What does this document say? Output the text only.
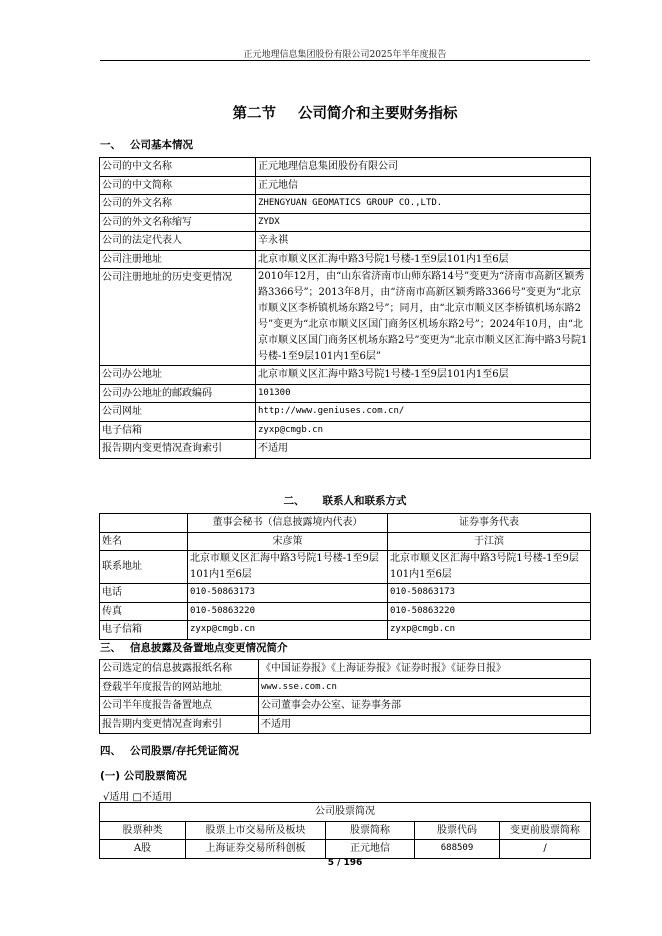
正元地理信息集团股份有限公司2025年半年度报告
第二节 公司简介和主要财务指标
一、 公司基本情况
公司的中文名称	正元地理信息集团股份有限公司
公司的中文简称	正元地信
公司的外文名称	ZHENGYUAN GEOMATICS GROUP CO.,LTD.
公司的外文名称缩写	ZYDX
公司的法定代表人	辛永祺
公司注册地址	北京市顺义区汇海中路3号院1号楼-1至9层101内1至6层
公司注册地址的历史变更情况	2010年12月，由“山东省济南市山师东路14号”变更为“济南市高新区颖秀路3366号”；2013年8月，由“济南市高新区颖秀路3366号”变更为“北京市顺义区李桥镇机场东路2号”；同月，由“北京市顺义区李桥镇机场东路2号”变更为“北京市顺义区国门商务区机场东路2号”；2024年10月，由“北京市顺义区国门商务区机场东路2号”变更为“北京市顺义区汇海中路3号院1号楼-1至9层101内1至6层”
公司办公地址	北京市顺义区汇海中路3号院1号楼-1至9层101内1至6层
公司办公地址的邮政编码	101300
公司网址	http://www.geniuses.com.cn/
电子信箱	zyxp@cmgb.cn
报告期内变更情况查询索引	不适用
二、 联系人和联系方式
	董事会秘书（信息披露境内代表）	证券事务代表
姓名	宋彦策	于江滨
联系地址	北京市顺义区汇海中路3号院1号楼-1至9层101内1至6层	北京市顺义区汇海中路3号院1号楼-1至9层101内1至6层
电话	010-50863173	010-50863173
传真	010-50863220	010-50863220
电子信箱	zyxp@cmgb.cn	zyxp@cmgb.cn
三、 信息披露及备置地点变更情况简介
公司选定的信息披露报纸名称	《中国证券报》《上海证券报》《证券时报》《证券日报》
登载半年度报告的网站地址	www.sse.com.cn
公司半年度报告备置地点	公司董事会办公室、证券事务部
报告期内变更情况查询索引	不适用
四、 公司股票/存托凭证简况
(一) 公司股票简况
√适用 □不适用
公司股票简况				
股票种类	股票上市交易所及板块	股票简称	股票代码	变更前股票简称
A股	上海证券交易所科创板	正元地信	688509	/
5 / 196
